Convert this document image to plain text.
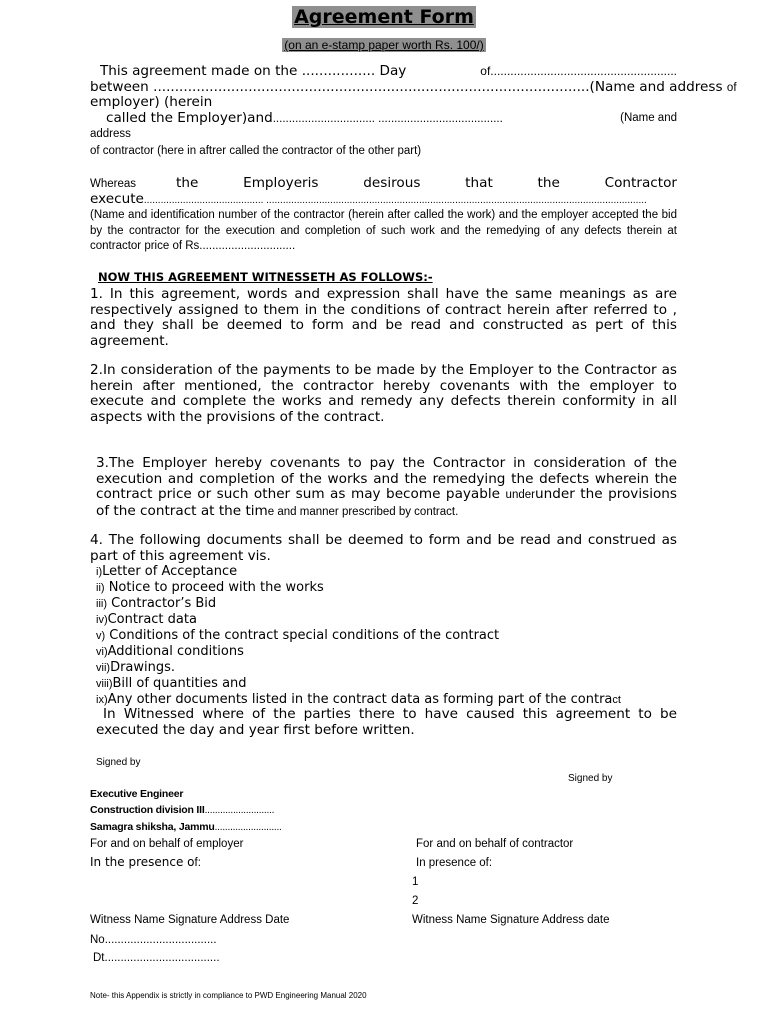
Agreement Form
(on an e-stamp paper worth Rs. 100/)
This agreement made on the ................. Day	of........................................................
between .....................................................................................................(Name and address of
employer) (herein
called the Employer)and................................ .......................................	(Name and
address
of contractor (here in aftrer called the contractor of the other part)
Whereas	the Employeris desirous that the Contractor
execute........................................... .........................................................................................................................................
(Name and identification number of the contractor (herein after called the work) and the employer accepted the bid by the contractor for the execution and completion of such work and the remedying of any defects therein at contractor price of Rs..............................
NOW THIS AGREEMENT WITNESSETH AS FOLLOWS:-
1. In this agreement, words and expression shall have the same meanings as are respectively assigned to them in the conditions of contract herein after referred to , and they shall be deemed to form and be read and constructed as pert of this agreement.
2.In consideration of the payments to be made by the Employer to the Contractor as herein after mentioned, the contractor hereby covenants with the employer to execute and complete the works and remedy any defects therein conformity in all aspects with the provisions of the contract.
3.The Employer hereby covenants to pay the Contractor in consideration of the execution and completion of the works and the remedying the defects wherein the contract price or such other sum as may become payable underunder the provisions of the contract at the time and manner prescribed by contract.
4. The following documents shall be deemed to form and be read and construed as part of this agreement vis.
i)Letter of Acceptance
ii) Notice to proceed with the works
iii) Contractor’s Bid
iv)Contract data
v) Conditions of the contract special conditions of the contract
vi)Additional conditions
vii)Drawings.
viii)Bill of quantities and
ix)Any other documents listed in the contract data as forming part of the contract
In Witnessed where of the parties there to have caused this agreement to be executed the day and year first before written.
Signed by
Signed by
Executive Engineer
Construction division III...........................
Samagra shiksha, Jammu..........................
For and on behalf of employer	For and on behalf of contractor
In the presence of:	In presence of:
1
2
Witness Name Signature Address Date	Witness Name Signature Address date
No...................................
Dt....................................
Note- this Appendix is strictly in compliance to PWD Engineering Manual 2020
